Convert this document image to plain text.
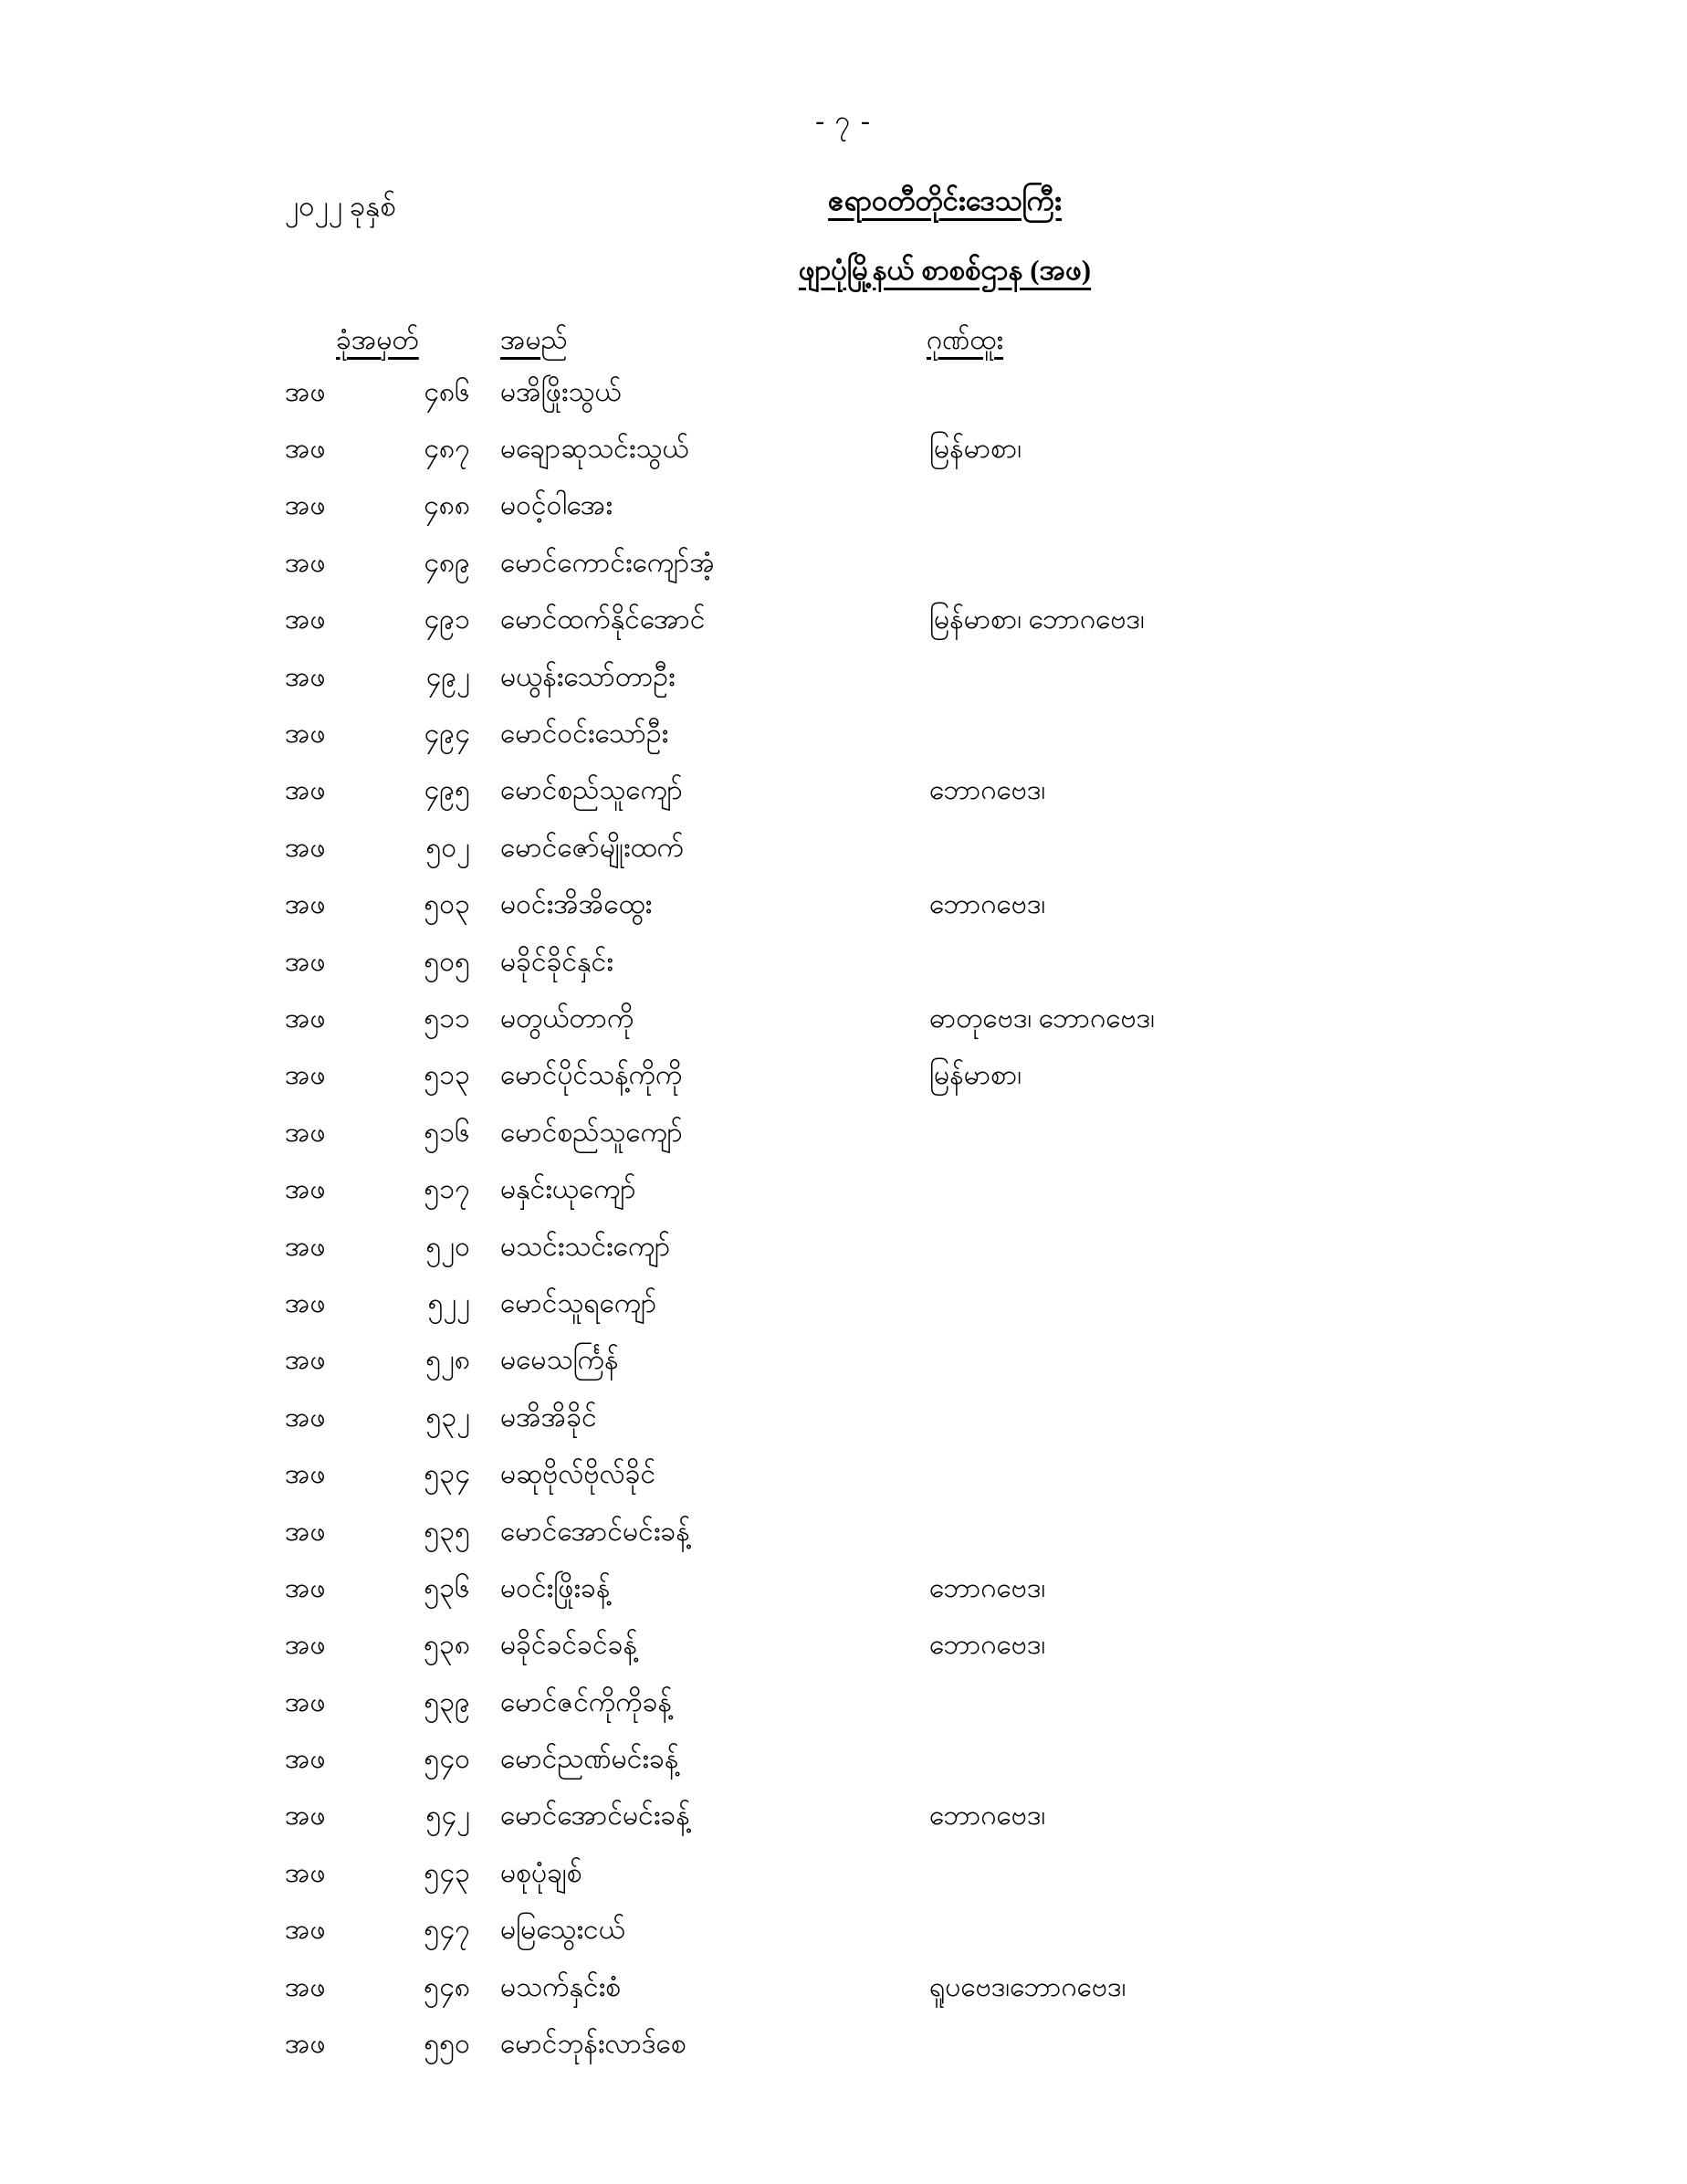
- ၇ -
၂၀၂၂ ခုနှစ်	ဧရာဝတီတိုင်းဒေသကြီး
ဖျာပုံမြို့နယ် စာစစ်ဌာန (အဖ)
ခုံအမှတ်	အမည်	ဂုဏ်ထူး
အဖ	၄၈၆ မအိဖြိုးသွယ်
အဖ	၄၈၇ မချောဆုသင်းသွယ်	မြန်မာစာ၊
အဖ	၄၈၈ မဝင့်ဝါအေး
အဖ	၄၈၉ မောင်ကောင်းကျော်အံ့
အဖ	၄၉၁ မောင်ထက်နိုင်အောင်	မြန်မာစာ၊ ဘောဂဗေဒ၊
အဖ	၄၉၂ မယွန်းသော်တာဦး
အဖ	၄၉၄ မောင်ဝင်းသော်ဦး
အဖ	၄၉၅ မောင်စည်သူကျော်	ဘောဂဗေဒ၊
အဖ	၅၀၂ မောင်ဇော်မျိုးထက်
အဖ	၅၀၃ မဝင်းအိအိထွေး	ဘောဂဗေဒ၊
အဖ	၅၀၅ မခိုင်ခိုင်နှင်း
အဖ	၅၁၁ မတွယ်တာကို	ဓာတုဗေဒ၊ ဘောဂဗေဒ၊
အဖ	၅၁၃ မောင်ပိုင်သန့်ကိုကို	မြန်မာစာ၊
အဖ	၅၁၆ မောင်စည်သူကျော်
အဖ	၅၁၇ မနှင်းယုကျော်
အဖ	၅၂၀ မသင်းသင်းကျော်
အဖ	၅၂၂ မောင်သူရကျော်
အဖ	၅၂၈ မမေသင်္ကြန်
အဖ	၅၃၂ မအိအိခိုင်
အဖ	၅၃၄ မဆုဗိုလ်ဗိုလ်ခိုင်
အဖ	၅၃၅ မောင်အောင်မင်းခန့်
အဖ	၅၃၆ မဝင်းဖြိုးခန့်	ဘောဂဗေဒ၊
အဖ	၅၃၈ မခိုင်ခင်ခင်ခန့်	ဘောဂဗေဒ၊
အဖ	၅၃၉ မောင်ဇင်ကိုကိုခန့်
အဖ	၅၄၀ မောင်ညဏ်မင်းခန့်
အဖ	၅၄၂ မောင်အောင်မင်းခန့်	ဘောဂဗေဒ၊
အဖ	၅၄၃ မစုပုံချစ်
အဖ	၅၄၇ မမြသွေးငယ်
အဖ	၅၄၈ မသက်နှင်းစံ	ရူပဗေဒ၊ဘောဂဗေဒ၊
အဖ	၅၅၀ မောင်ဘုန်းလာဒ်စေ
